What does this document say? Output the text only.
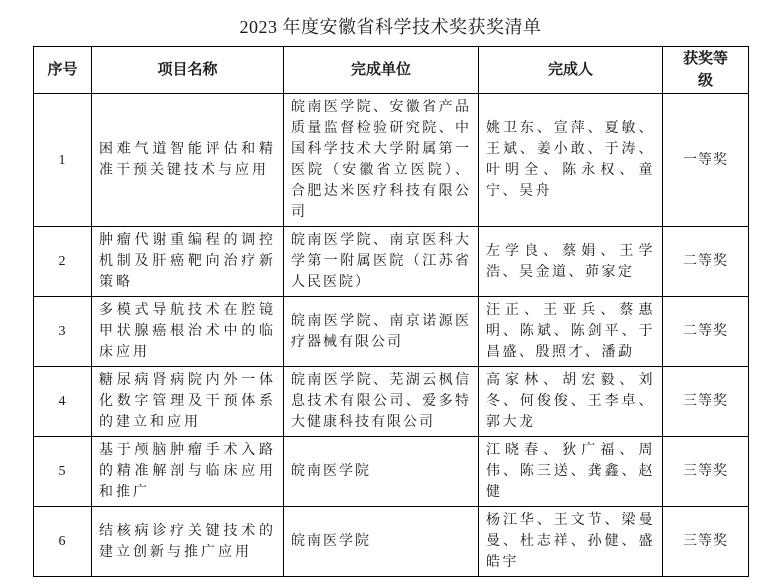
2023 年度安徽省科学技术奖获奖清单
序号	项目名称	完成单位	完成人	获奖等级
1	困难气道智能评估和精准干预关键技术与应用	皖南医学院、安徽省产品质量监督检验研究院、中国科学技术大学附属第一医院（安徽省立医院）、合肥达米医疗科技有限公司	姚卫东、宣萍、夏敏、王斌、姜小敢、于涛、叶明全、陈永权、童宁、吴舟	一等奖
2	肿瘤代谢重编程的调控机制及肝癌靶向治疗新策略	皖南医学院、南京医科大学第一附属医院（江苏省人民医院）	左学良、蔡娟、王学浩、吴金道、茆家定	二等奖
3	多模式导航技术在腔镜甲状腺癌根治术中的临床应用	皖南医学院、南京诺源医疗器械有限公司	汪正、王亚兵、蔡惠明、陈斌、陈剑平、于昌盛、殷照才、潘勐	二等奖
4	糖尿病肾病院内外一体化数字管理及干预体系的建立和应用	皖南医学院、芜湖云枫信息技术有限公司、爱多特大健康科技有限公司	高家林、胡宏毅、刘冬、何俊俊、王李卓、郭大龙	三等奖
5	基于颅脑肿瘤手术入路的精准解剖与临床应用和推广	皖南医学院	江晓春、狄广福、周伟、陈三送、龚鑫、赵健	三等奖
6	结核病诊疗关键技术的建立创新与推广应用	皖南医学院	杨江华、王文节、梁曼曼、杜志祥、孙健、盛皓宇	三等奖
